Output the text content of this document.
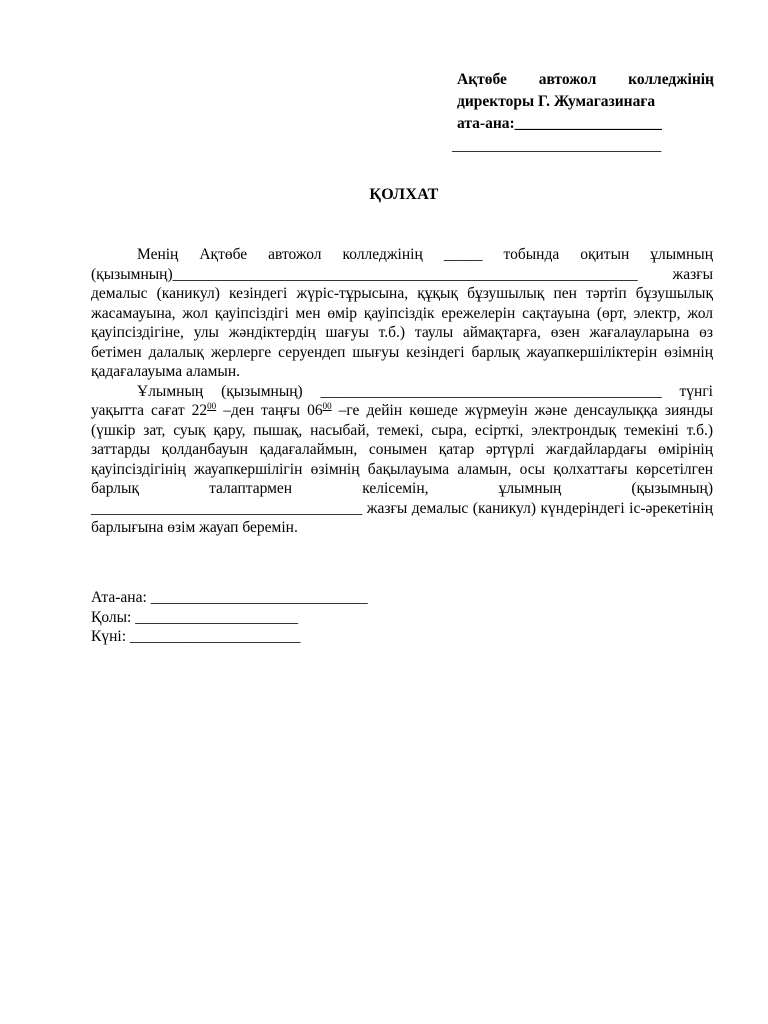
Ақтөбе автожол колледжінің
директоры Г. Жумагазинаға
ата-ана:___________________
___________________________
ҚОЛХАТ

Менің Ақтөбе автожол колледжінің _____ тобында оқитын ұлымның (қызымның)____________________________________________________________ жазғы демалыс (каникул) кезіндегі жүріс-тұрысына, құқық бұзушылық пен тәртіп бұзушылық жасамауына, жол қауіпсіздігі мен өмір қауіпсіздік ережелерін сақтауына (өрт, электр, жол қауіпсіздігіне, улы жәндіктердің шағуы т.б.) таулы аймақтарға, өзен жағалауларына өз бетімен далалық жерлерге серуендеп шығуы кезіндегі барлық жауапкершіліктерін өзімнің қадағалауыма аламын.

Ұлымның (қызымның) ____________________________________________ түнгі уақытта сағат $22^{00}$ –ден таңғы $06^{00}$ –ге дейін көшеде жүрмеуін және денсаулыққа зиянды (үшкір зат, суық қару, пышақ, насыбай, темекі, сыра, есірткі, электрондық темекіні т.б.) заттарды қолданбауын қадағалаймын, сонымен қатар әртүрлі жағдайлардағы өмірінің қауіпсіздігінің жауапкершілігін өзімнің бақылауыма аламын, осы қолхаттағы көрсетілген барлық талаптармен келісемін, ұлымның (қызымның) ___________________________________ жазғы демалыс (каникул) күндеріндегі іс-әрекетінің барлығына өзім жауап беремін.

Ата-ана: ____________________________
Қолы: _____________________
Күні: ______________________
